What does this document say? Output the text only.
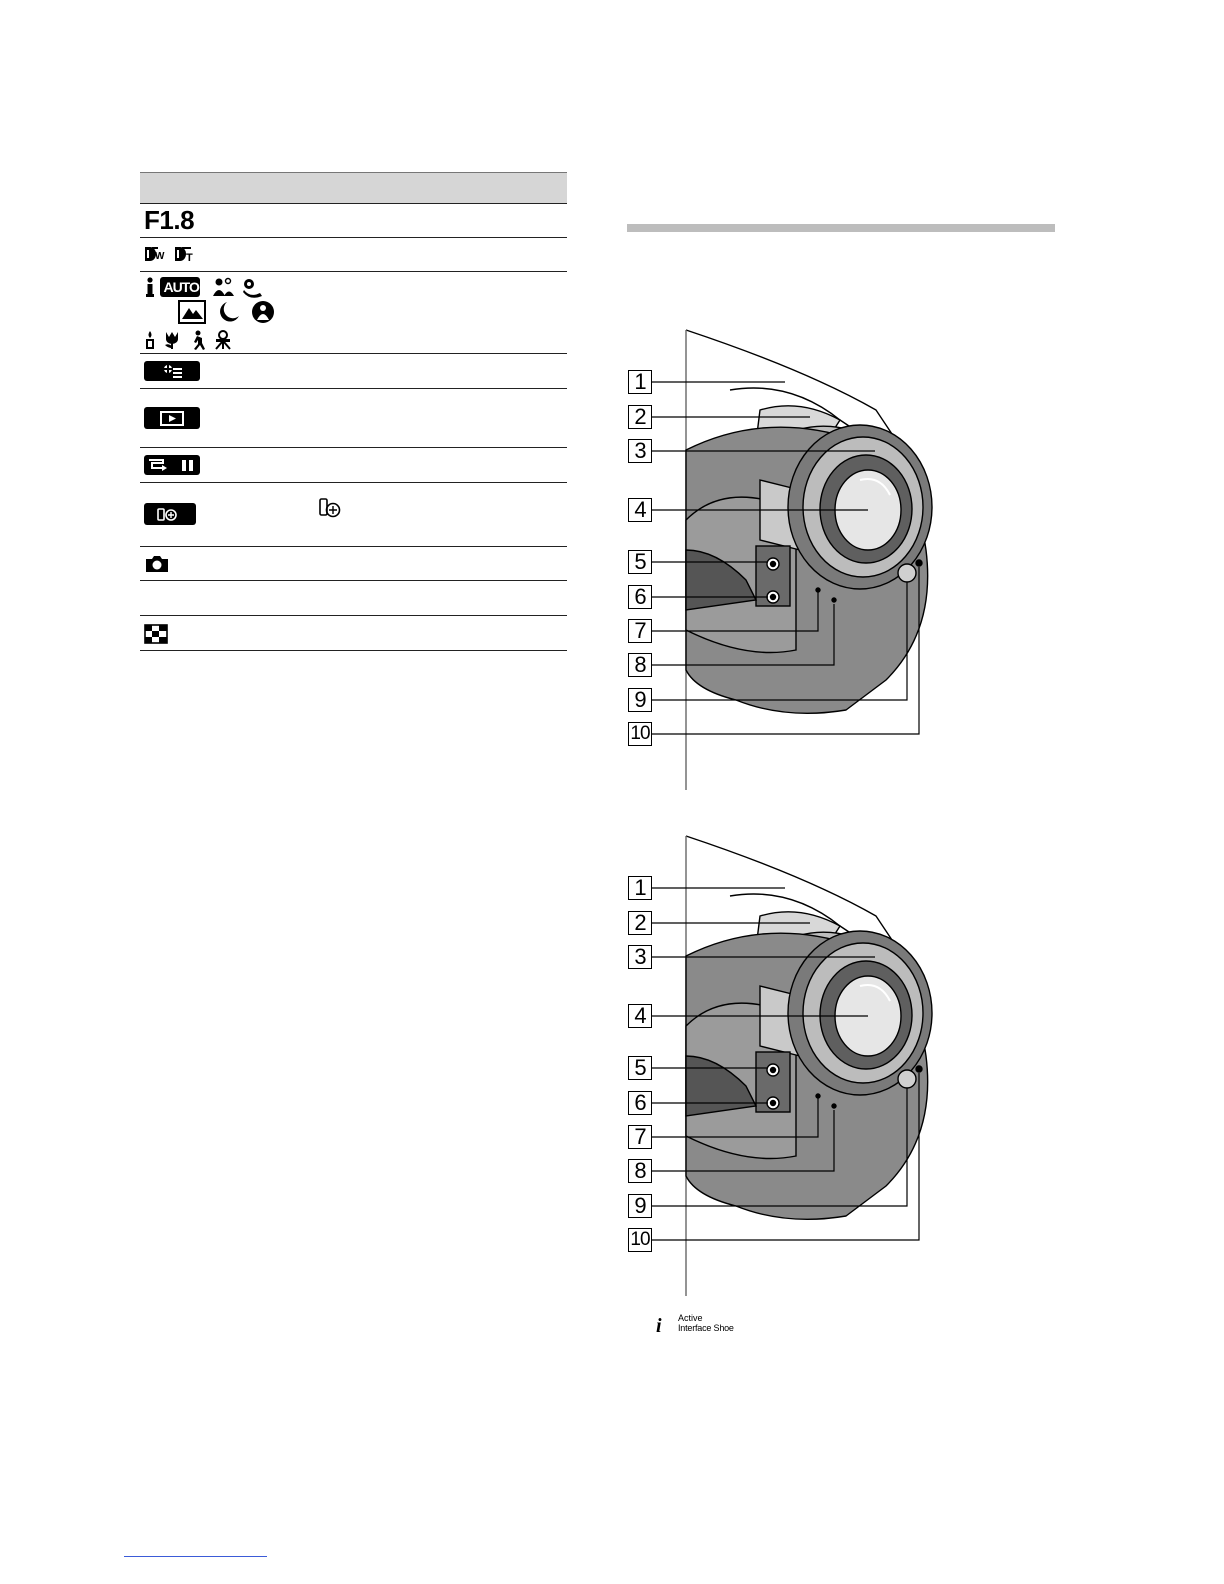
F1.8
W
T

AUTO

1
2
3
4
5
6
7
8
9
10
1
2
3
4
5
6
7
8
9
10
i Active
Interface Shoe
